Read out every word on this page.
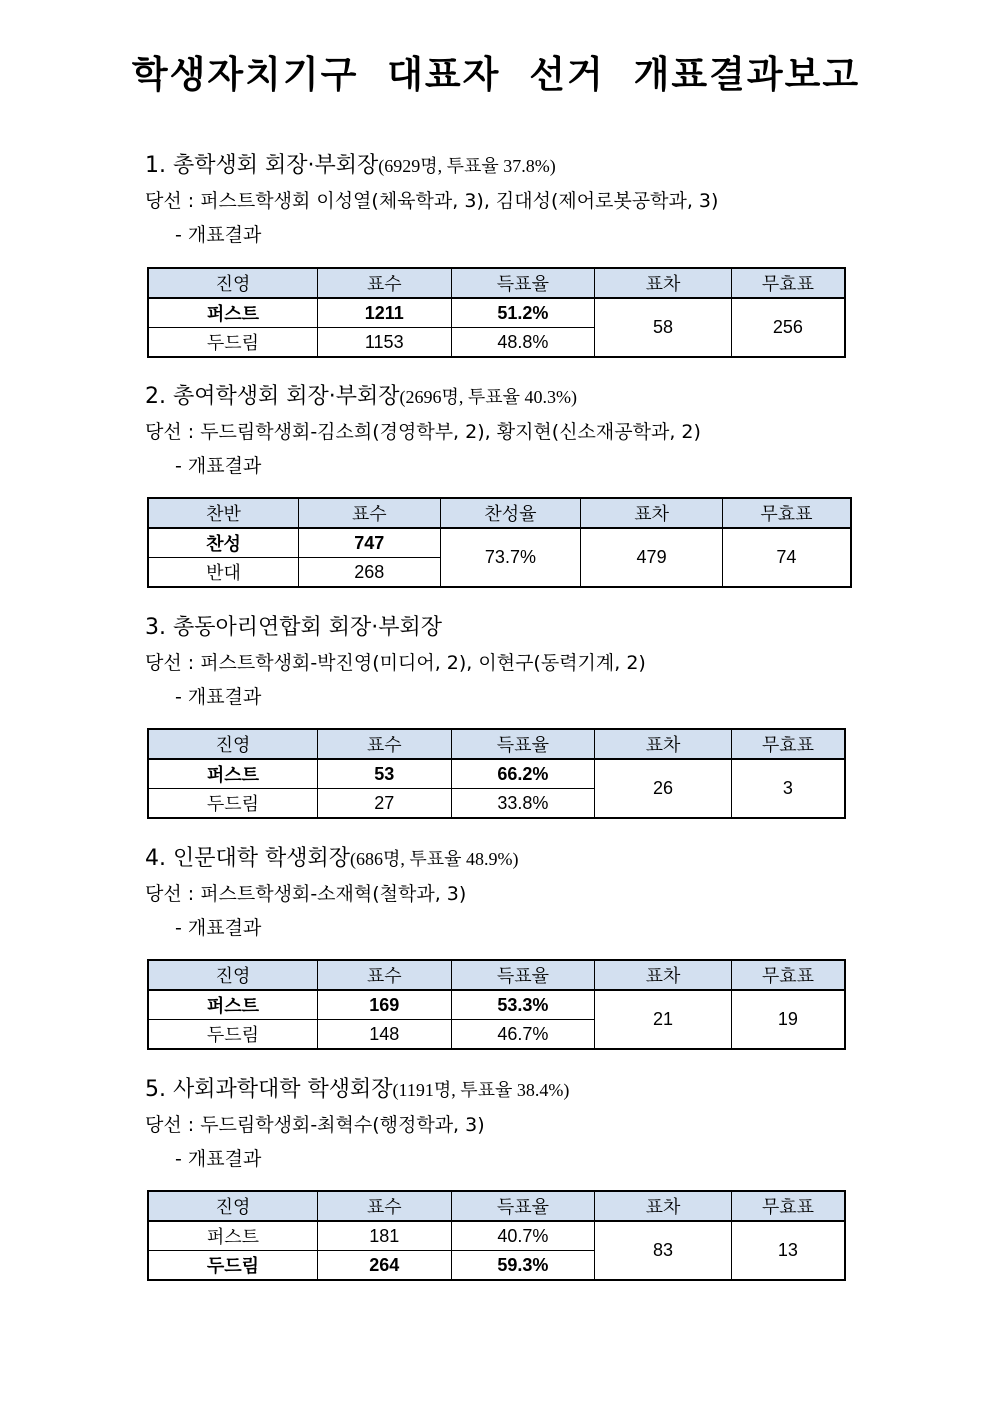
학생자치기구 대표자 선거 개표결과보고
1. 총학생회 회장·부회장(6929명, 투표율 37.8%)
당선 : 퍼스트학생회 이성열(체육학과, 3), 김대성(제어로봇공학과, 3)
- 개표결과
진영	표수	득표율	표차	무효표
퍼스트	1211	51.2%	58	256
두드림	1153	48.8%		
2. 총여학생회 회장·부회장(2696명, 투표율 40.3%)
당선 : 두드림학생회-김소희(경영학부, 2), 황지현(신소재공학과, 2)
- 개표결과
찬반	표수	찬성율	표차	무효표
찬성	747	73.7%	479	74
반대	268			
3. 총동아리연합회 회장·부회장
당선 : 퍼스트학생회-박진영(미디어, 2), 이현구(동력기계, 2)
- 개표결과
진영	표수	득표율	표차	무효표
퍼스트	53	66.2%	26	3
두드림	27	33.8%		
4. 인문대학 학생회장(686명, 투표율 48.9%)
당선 : 퍼스트학생회-소재혁(철학과, 3)
- 개표결과
진영	표수	득표율	표차	무효표
퍼스트	169	53.3%	21	19
두드림	148	46.7%		
5. 사회과학대학 학생회장(1191명, 투표율 38.4%)
당선 : 두드림학생회-최혁수(행정학과, 3)
- 개표결과
진영	표수	득표율	표차	무효표
퍼스트	181	40.7%	83	13
두드림	264	59.3%		
